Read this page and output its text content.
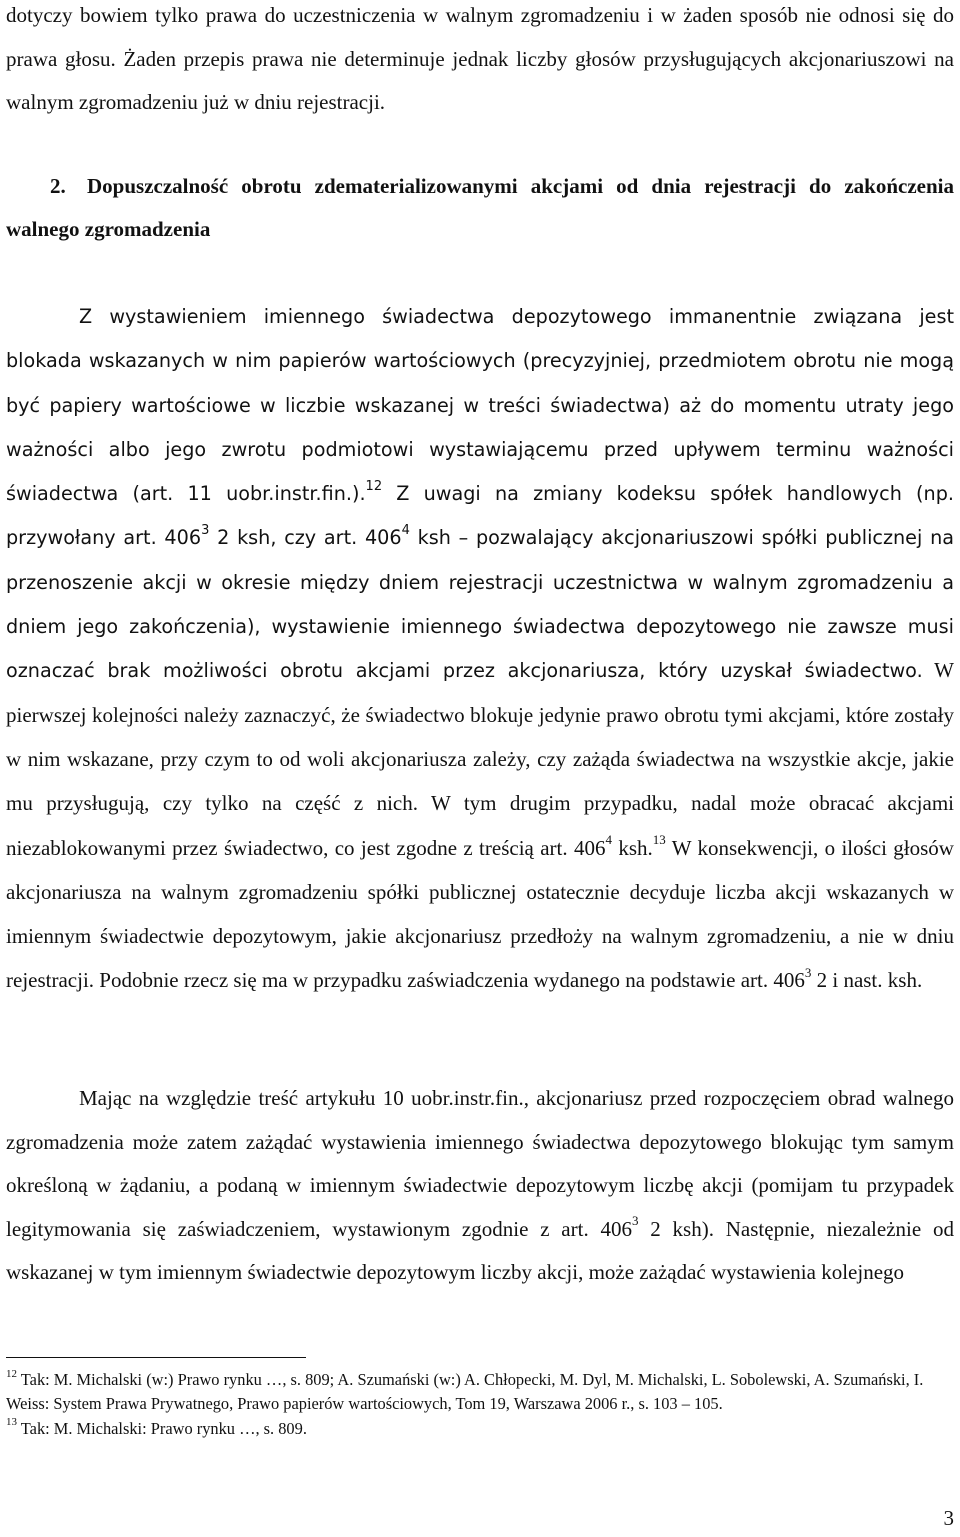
dotyczy bowiem tylko prawa do uczestniczenia w walnym zgromadzeniu i w żaden sposób nie odnosi się do prawa głosu. Żaden przepis prawa nie determinuje jednak liczby głosów przysługujących akcjonariuszowi na walnym zgromadzeniu już w dniu rejestracji.

2. Dopuszczalność obrotu zdematerializowanymi akcjami od dnia rejestracji do zakończenia walnego zgromadzenia

Z wystawieniem imiennego świadectwa depozytowego immanentnie związana jest blokada wskazanych w nim papierów wartościowych (precyzyjniej, przedmiotem obrotu nie mogą być papiery wartościowe w liczbie wskazanej w treści świadectwa) aż do momentu utraty jego ważności albo jego zwrotu podmiotowi wystawiającemu przed upływem terminu ważności świadectwa (art. 11 uobr.instr.fin.).$^{12}$ Z uwagi na zmiany kodeksu spółek handlowych (np. przywołany art. $406^3$ 2 ksh, czy art. $406^4$ ksh – pozwalający akcjonariuszowi spółki publicznej na przenoszenie akcji w okresie między dniem rejestracji uczestnictwa w walnym zgromadzeniu a dniem jego zakończenia), wystawienie imiennego świadectwa depozytowego nie zawsze musi oznaczać brak możliwości obrotu akcjami przez akcjonariusza, który uzyskał świadectwo. W pierwszej kolejności należy zaznaczyć, że świadectwo blokuje jedynie prawo obrotu tymi akcjami, które zostały w nim wskazane, przy czym to od woli akcjonariusza zależy, czy zażąda świadectwa na wszystkie akcje, jakie mu przysługują, czy tylko na część z nich. W tym drugim przypadku, nadal może obracać akcjami niezablokowanymi przez świadectwo, co jest zgodne z treścią art. $406^4$ ksh.$^{13}$ W konsekwencji, o ilości głosów akcjonariusza na walnym zgromadzeniu spółki publicznej ostatecznie decyduje liczba akcji wskazanych w imiennym świadectwie depozytowym, jakie akcjonariusz przedłoży na walnym zgromadzeniu, a nie w dniu rejestracji. Podobnie rzecz się ma w przypadku zaświadczenia wydanego na podstawie art. $406^3$ 2 i nast. ksh.

Mając na względzie treść artykułu 10 uobr.instr.fin., akcjonariusz przed rozpoczęciem obrad walnego zgromadzenia może zatem zażądać wystawienia imiennego świadectwa depozytowego blokując tym samym określoną w żądaniu, a podaną w imiennym świadectwie depozytowym liczbę akcji (pomijam tu przypadek legitymowania się zaświadczeniem, wystawionym zgodnie z art. $406^3$ 2 ksh). Następnie, niezależnie od wskazanej w tym imiennym świadectwie depozytowym liczby akcji, może zażądać wystawienia kolejnego

$^{12}$ Tak: M. Michalski (w:) Prawo rynku …, s. 809; A. Szumański (w:) A. Chłopecki, M. Dyl, M. Michalski, L. Sobolewski, A. Szumański, I. Weiss: System Prawa Prywatnego, Prawo papierów wartościowych, Tom 19, Warszawa 2006 r., s. 103 – 105.

$^{13}$ Tak: M. Michalski: Prawo rynku …, s. 809.

3
